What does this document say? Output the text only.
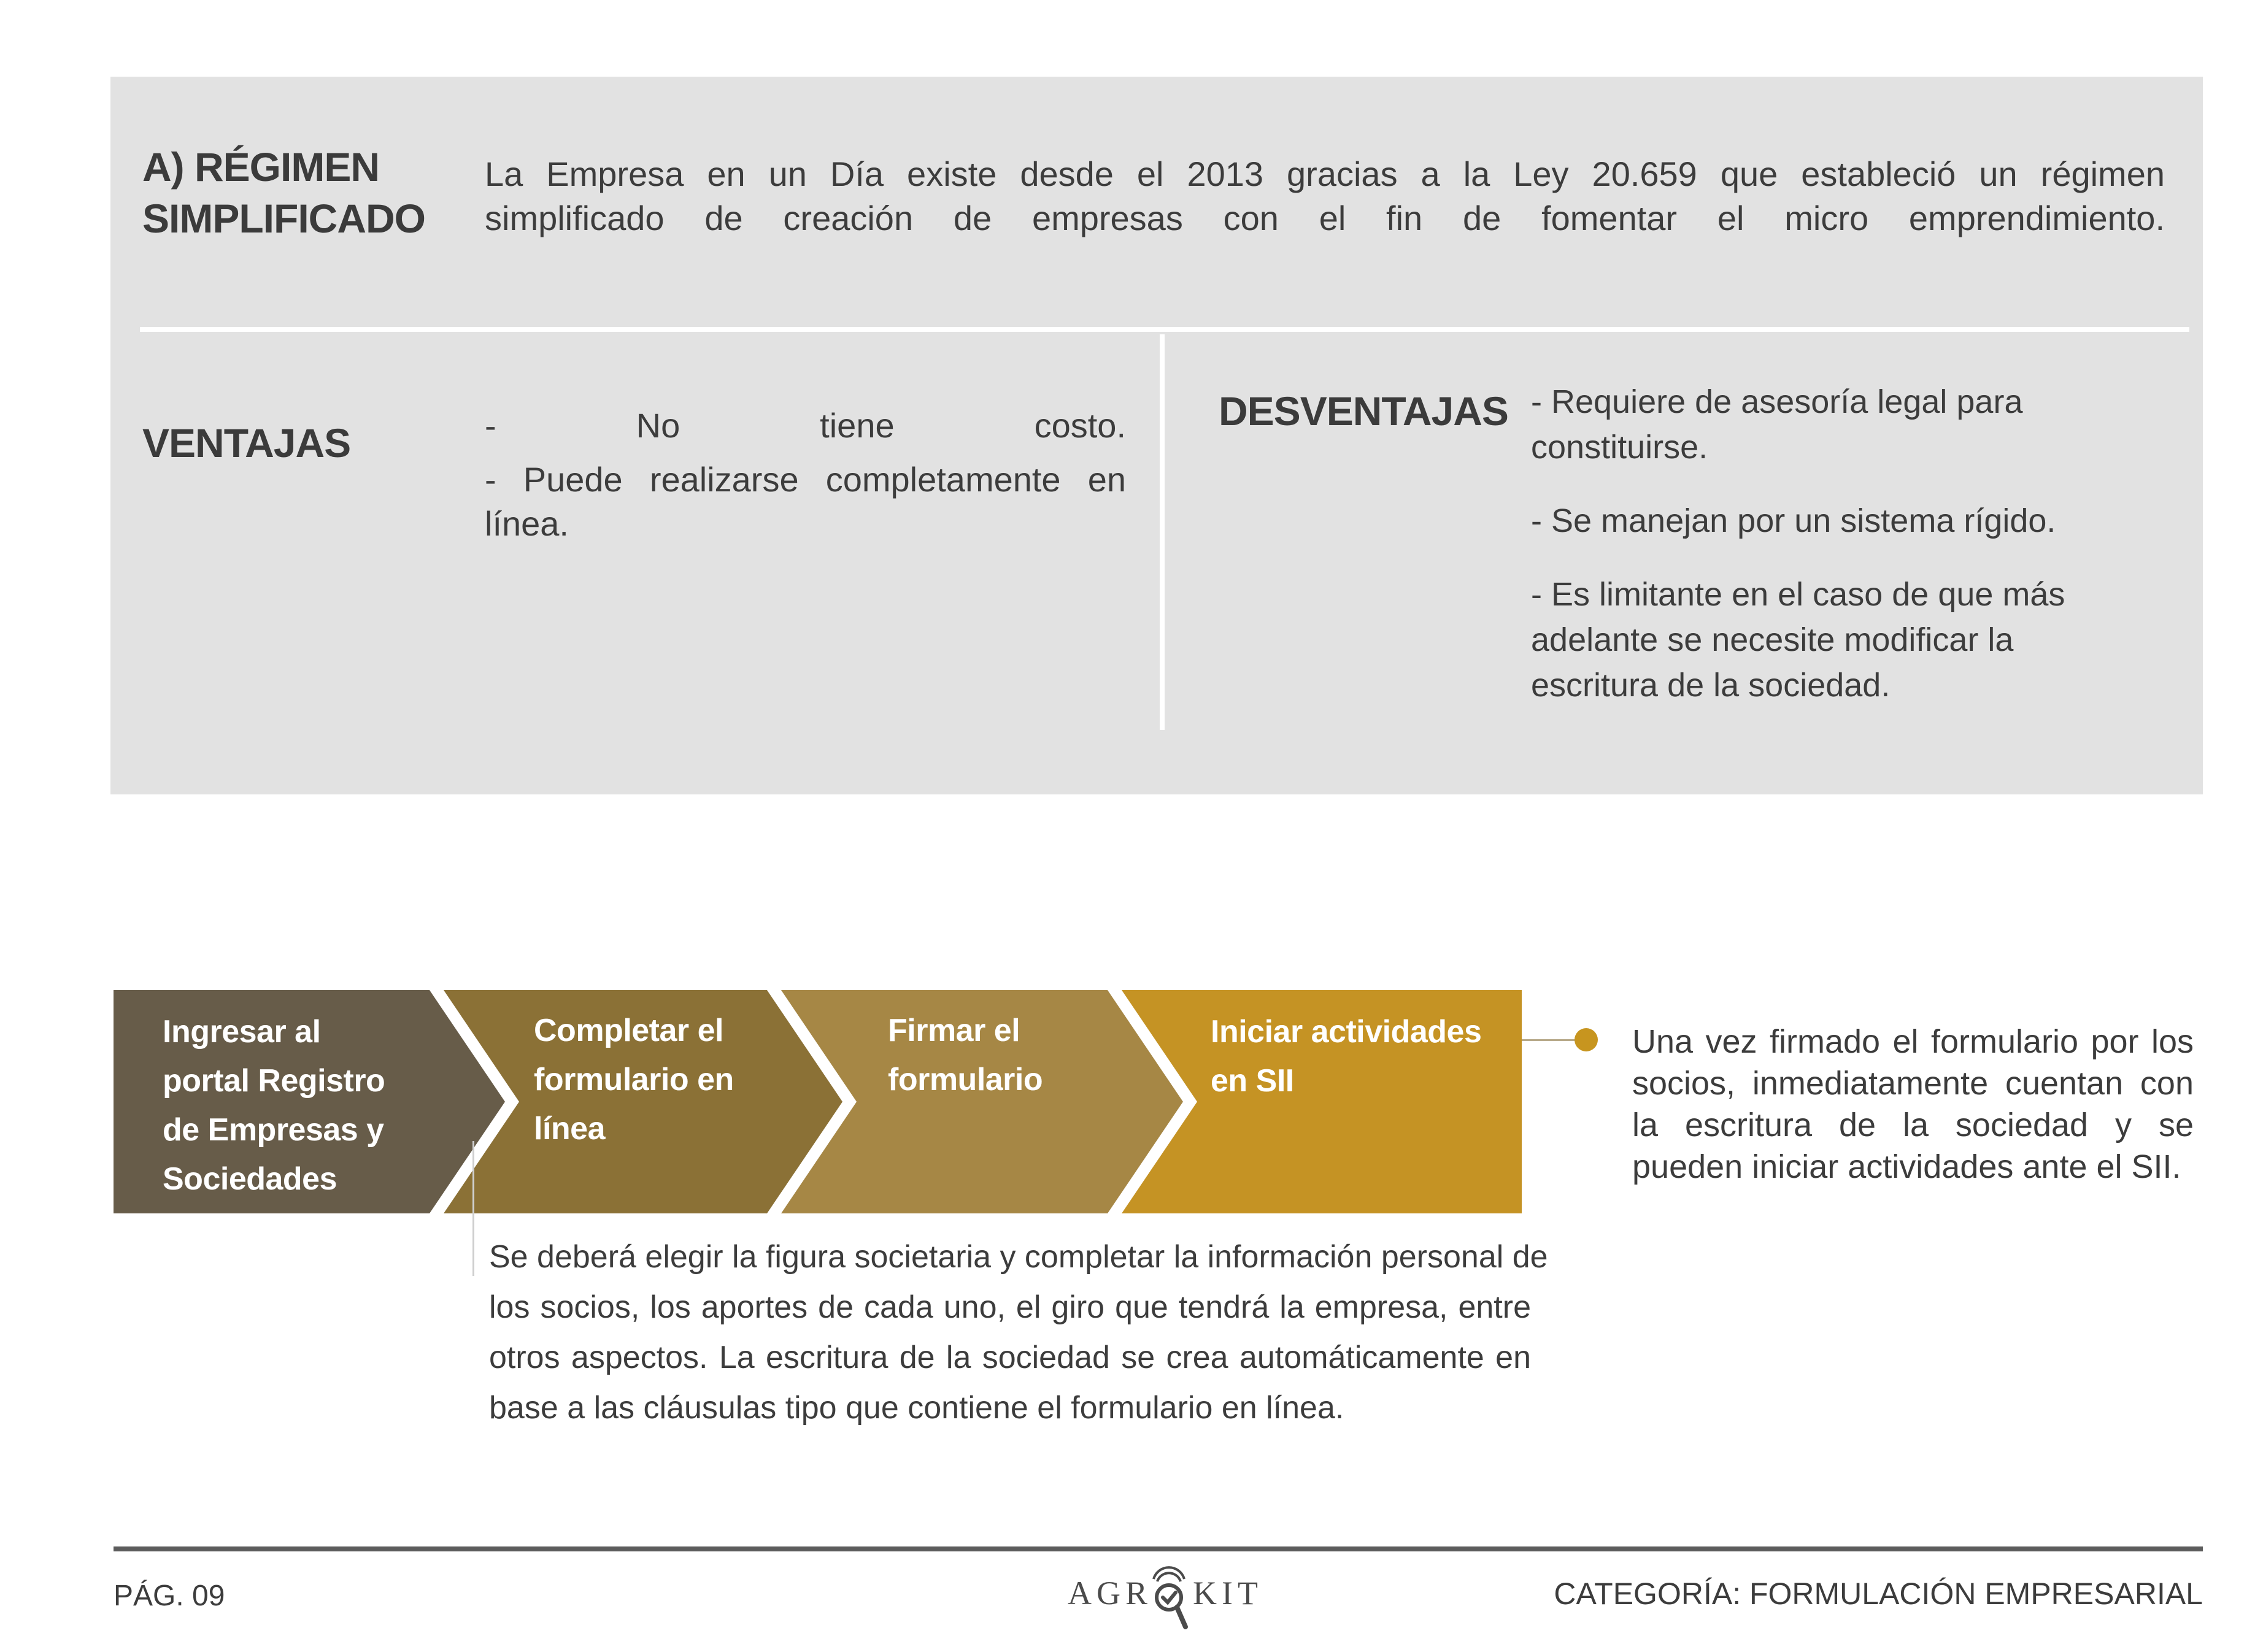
A) RÉGIMEN
SIMPLIFICADO
La Empresa en un Día existe desde el 2013 gracias a la Ley 20.659 que estableció un régimen
simplificado de creación de empresas con el fin de fomentar el micro emprendimiento.
VENTAJAS	- No tiene costo.

- Puede realizarse completamente en línea.

DESVENTAJAS - Requiere de asesoría legal para constituirse.

- Se manejan por un sistema rígido.

- Es limitante en el caso de que más adelante se necesite modificar la escritura de la sociedad.

Ingresar al
portal Registro
de Empresas y
Sociedades
Completar el
formulario en
línea
Firmar el
formulario
Iniciar actividades
en SII
Una vez firmado el formulario por los socios, inmediatamente cuentan con la escritura de la sociedad y se pueden iniciar actividades ante el SII.
Se deberá elegir la figura societaria y completar la información personal de
los socios, los aportes de cada uno, el giro que tendrá la empresa, entre
otros aspectos. La escritura de la sociedad se crea automáticamente en
base a las cláusulas tipo que contiene el formulario en línea.
PÁG. 09	AGR KIT	CATEGORÍA: FORMULACIÓN EMPRESARIAL
